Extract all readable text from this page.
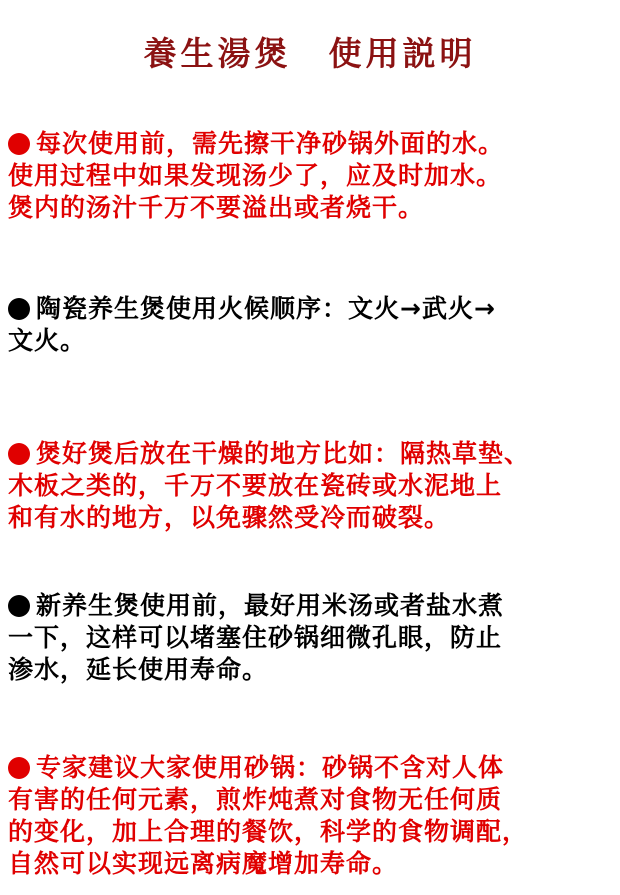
養生湯煲　使用説明
每次使用前，需先擦干净砂锅外面的水。
使用过程中如果发现汤少了，应及时加水。
煲内的汤汁千万不要溢出或者烧干。
陶瓷养生煲使用火候顺序：文火→武火→
文火。
煲好煲后放在干燥的地方比如：隔热草垫、
木板之类的，千万不要放在瓷砖或水泥地上
和有水的地方，以免骤然受冷而破裂。
新养生煲使用前，最好用米汤或者盐水煮
一下，这样可以堵塞住砂锅细微孔眼，防止
渗水，延长使用寿命。
专家建议大家使用砂锅：砂锅不含对人体
有害的任何元素，煎炸炖煮对食物无任何质
的变化，加上合理的餐饮，科学的食物调配，
自然可以实现远离病魔增加寿命。
